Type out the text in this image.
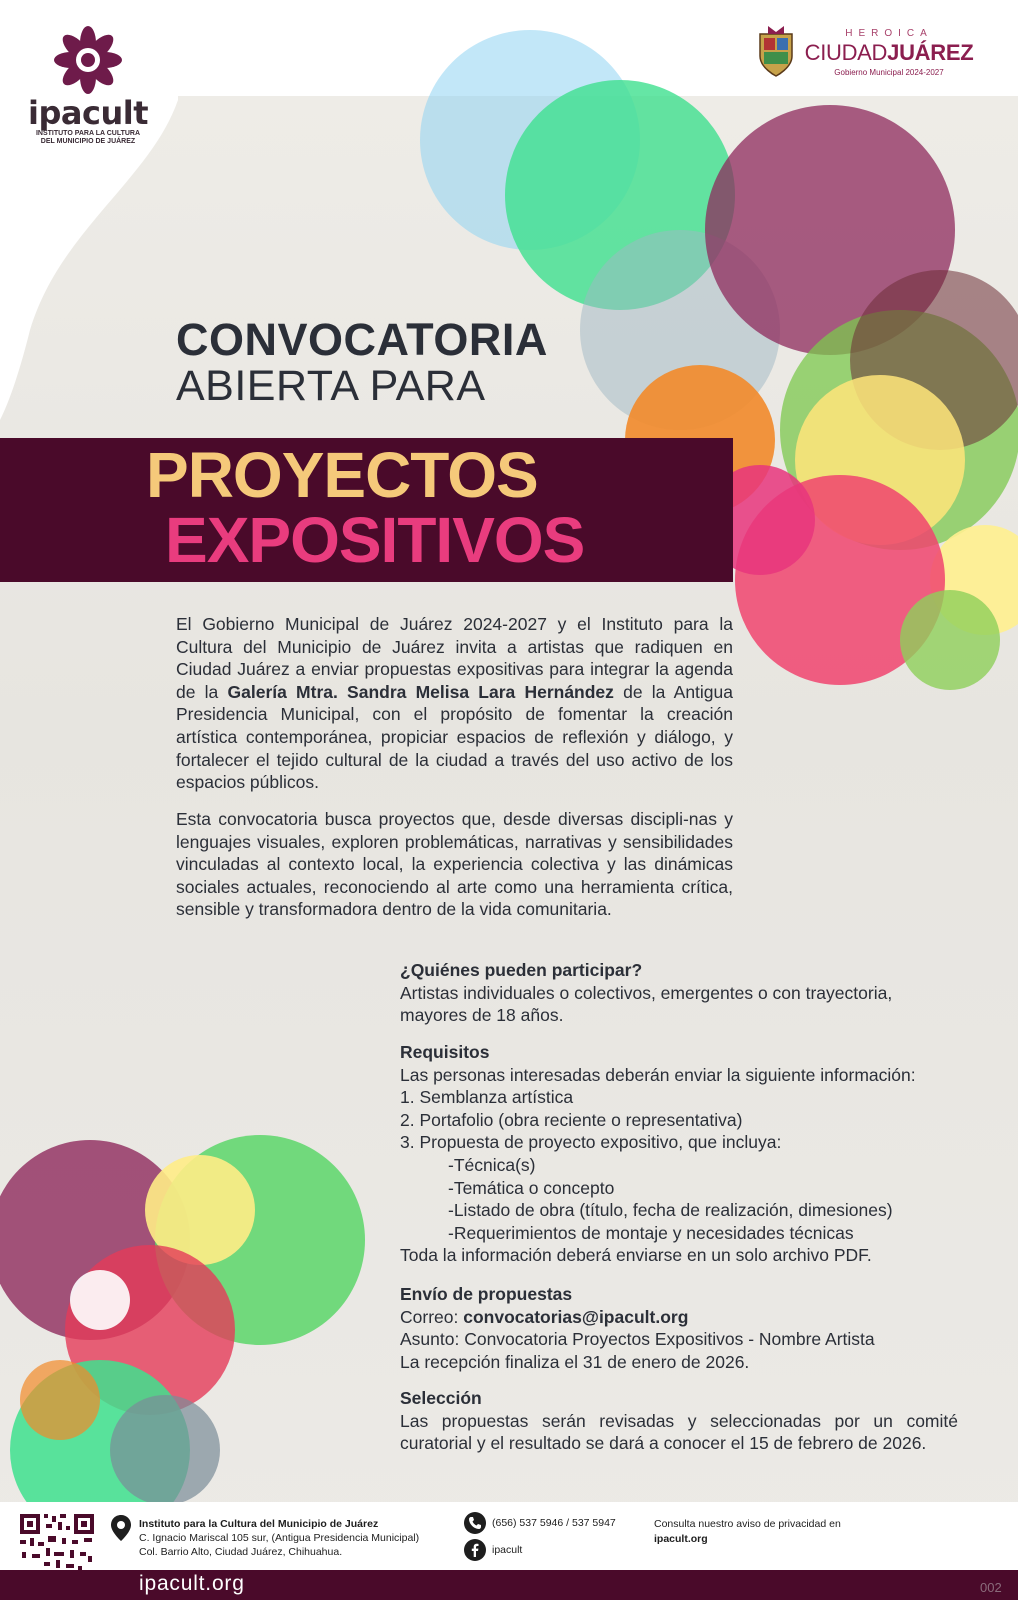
ipacult
INSTITUTO PARA LA CULTURA
DEL MUNICIPIO DE JUÁREZ
HEROICA
CIUDADJUÁREZ
Gobierno Municipal 2024-2027
CONVOCATORIA
ABIERTA PARA
PROYECTOS
EXPOSITIVOS

El Gobierno Municipal de Juárez 2024-2027 y el Instituto para la Cultura del Municipio de Juárez invita a artistas que radiquen en Ciudad Juárez a enviar propuestas expositivas para integrar la agenda de la Galería Mtra. Sandra Melisa Lara Hernández de la Antigua Presidencia Municipal, con el propósito de fomentar la creación artística contemporánea, propiciar espacios de reflexión y diálogo, y fortalecer el tejido cultural de la ciudad a través del uso activo de los espacios públicos.

Esta convocatoria busca proyectos que, desde diversas discipli-nas y lenguajes visuales, exploren problemáticas, narrativas y sensibilidades vinculadas al contexto local, la experiencia colectiva y las dinámicas sociales actuales, reconociendo al arte como una herramienta crítica, sensible y transformadora dentro de la vida comunitaria.

¿Quiénes pueden participar?
Artistas individuales o colectivos, emergentes o con trayectoria, mayores de 18 años.
Requisitos
Las personas interesadas deberán enviar la siguiente información:
1. Semblanza artística
2. Portafolio (obra reciente o representativa)
3. Propuesta de proyecto expositivo, que incluya:
-Técnica(s)
-Temática o concepto
-Listado de obra (título, fecha de realización, dimesiones)
-Requerimientos de montaje y necesidades técnicas
Toda la información deberá enviarse en un solo archivo PDF.
Envío de propuestas
Correo: convocatorias@ipacult.org
Asunto: Convocatoria Proyectos Expositivos - Nombre Artista
La recepción finaliza el 31 de enero de 2026.
Selección
Las propuestas serán revisadas y seleccionadas por un comité curatorial y el resultado se dará a conocer el 15 de febrero de 2026.
Instituto para la Cultura del Municipio de Juárez
C. Ignacio Mariscal 105 sur, (Antigua Presidencia Municipal)
Col. Barrio Alto, Ciudad Juárez, Chihuahua.
(656) 537 5946 / 537 5947
ipacult
Consulta nuestro aviso de privacidad en
ipacult.org
ipacult.org	002
